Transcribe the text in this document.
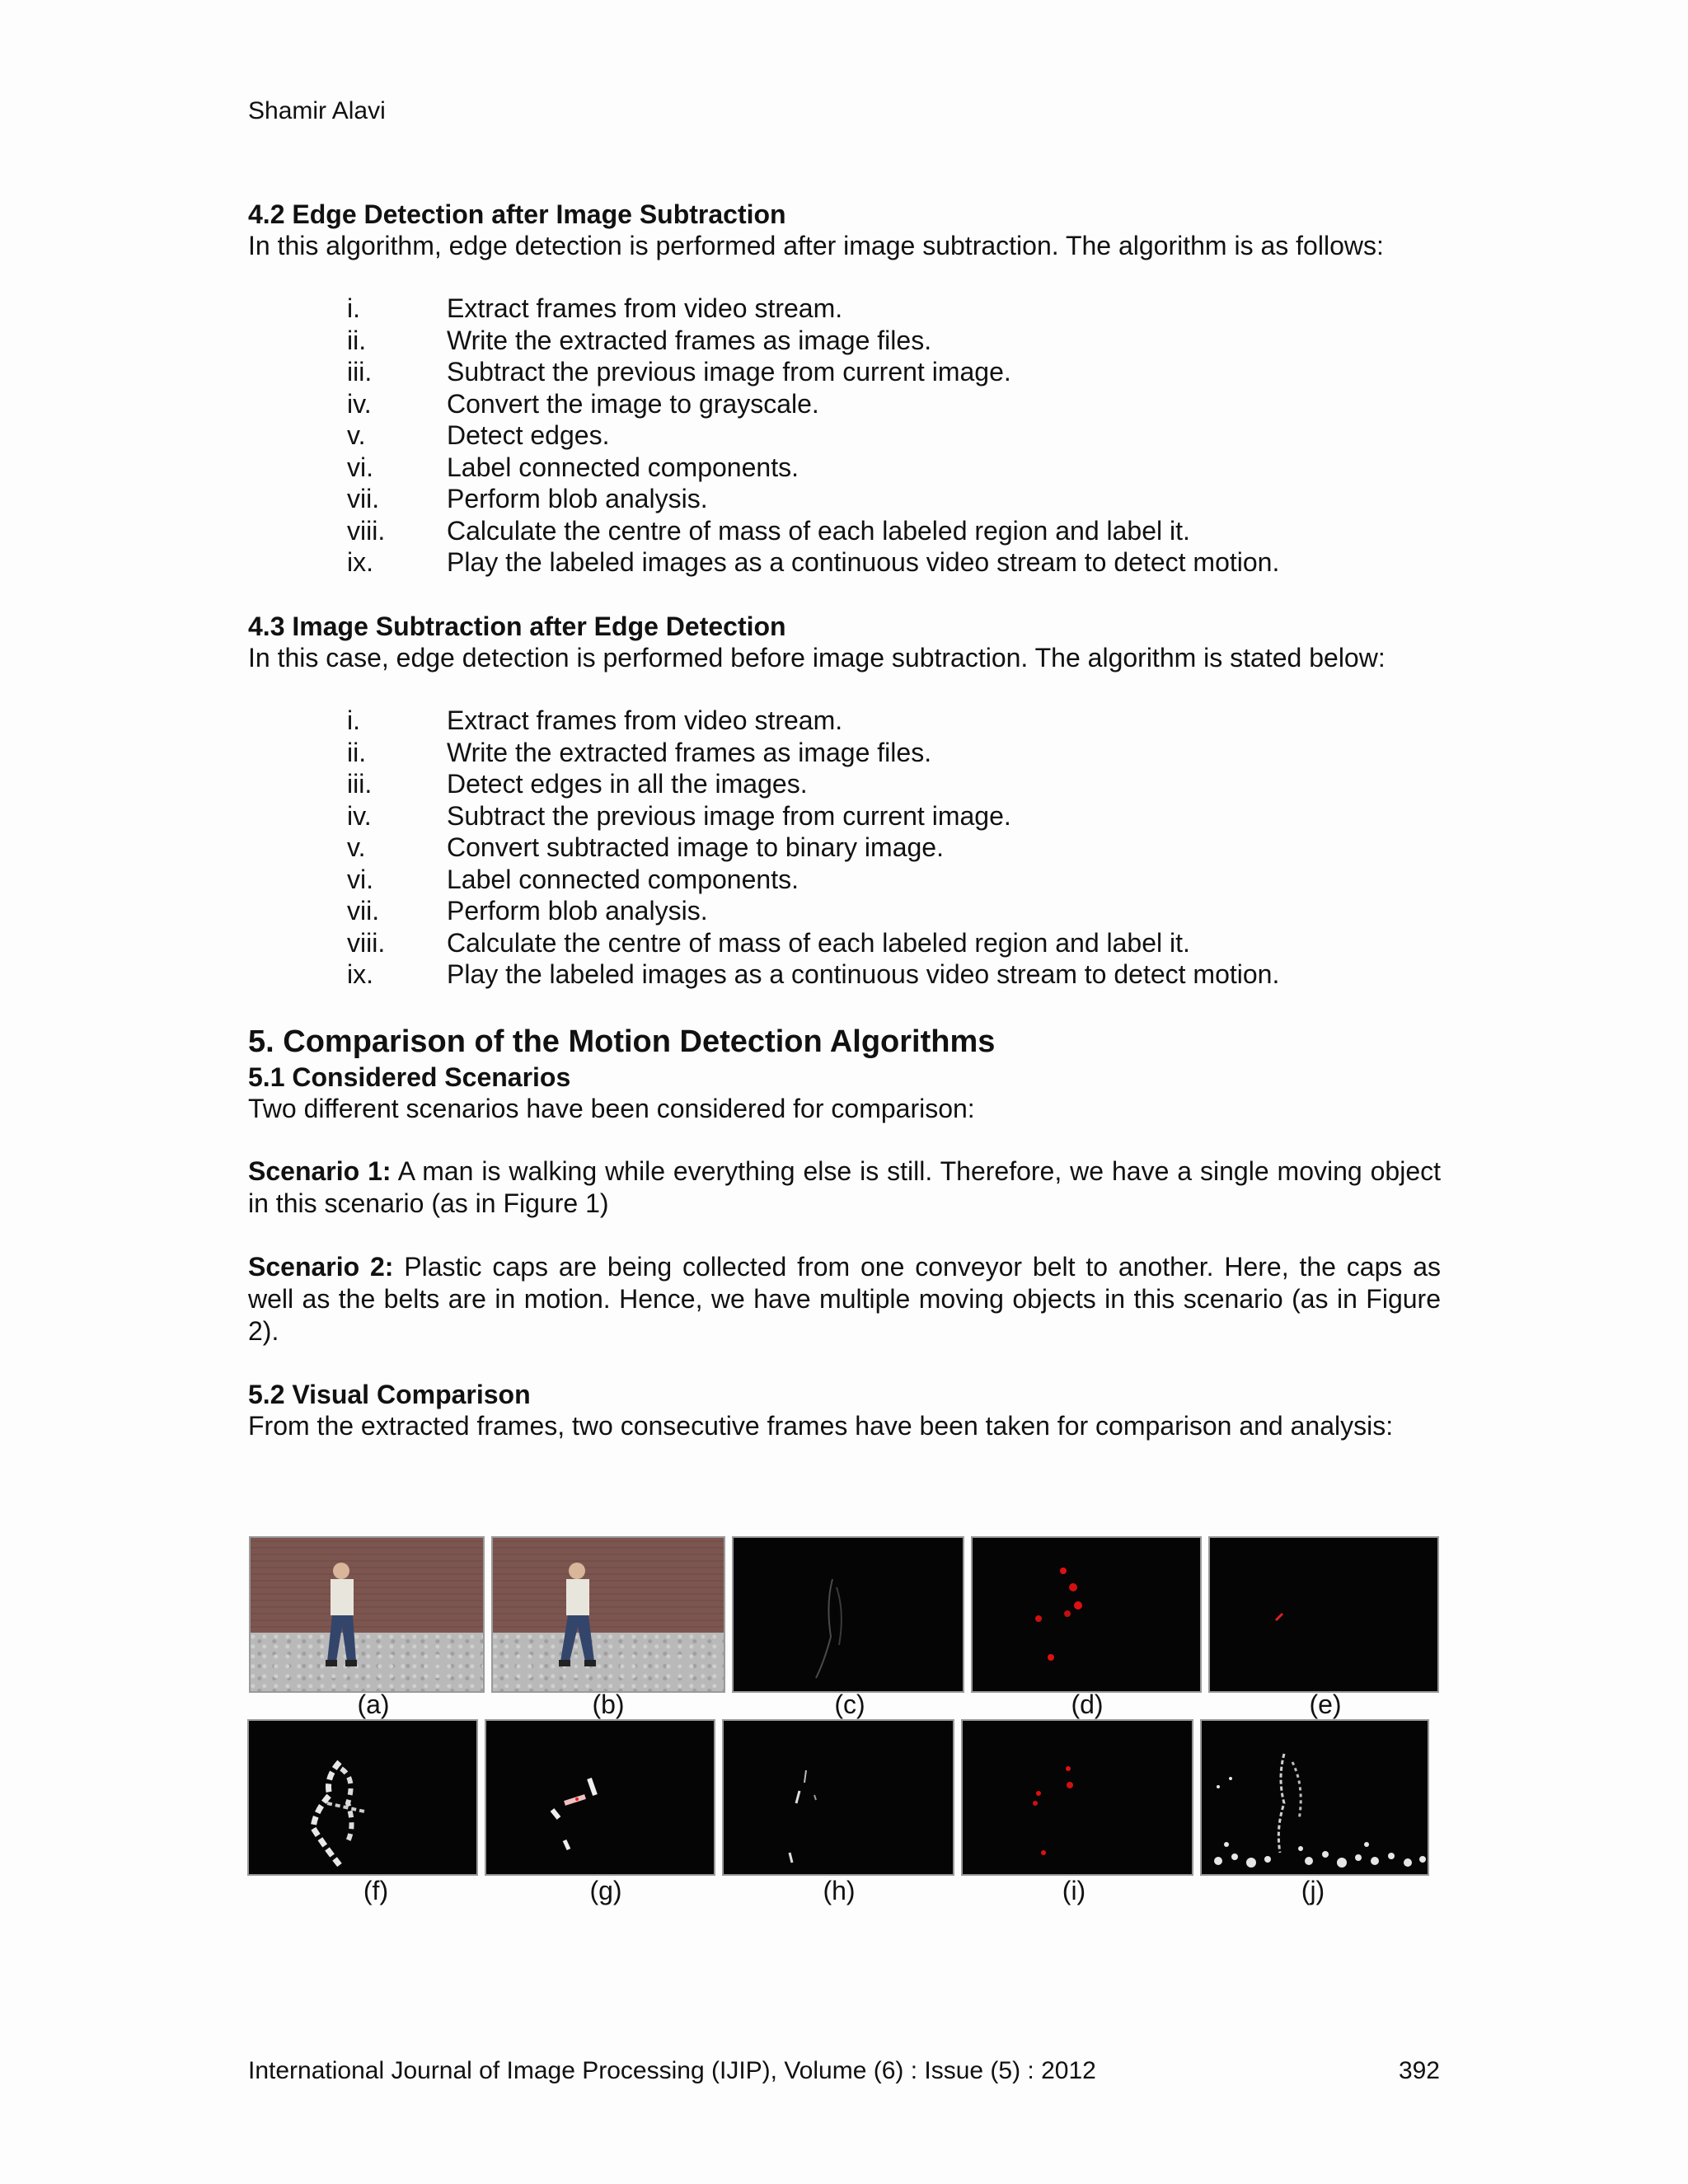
Shamir Alavi
4.2 Edge Detection after Image Subtraction
In this algorithm, edge detection is performed after image subtraction. The algorithm is as follows:
i.	Extract frames from video stream.
ii.	Write the extracted frames as image files.
iii.	Subtract the previous image from current image.
iv.	Convert the image to grayscale.
v.	Detect edges.
vi.	Label connected components.
vii.	Perform blob analysis.
viii.	Calculate the centre of mass of each labeled region and label it.
ix.	Play the labeled images as a continuous video stream to detect motion.
4.3 Image Subtraction after Edge Detection
In this case, edge detection is performed before image subtraction. The algorithm is stated below:
i.	Extract frames from video stream.
ii.	Write the extracted frames as image files.
iii.	Detect edges in all the images.
iv.	Subtract the previous image from current image.
v.	Convert subtracted image to binary image.
vi.	Label connected components.
vii.	Perform blob analysis.
viii.	Calculate the centre of mass of each labeled region and label it.
ix.	Play the labeled images as a continuous video stream to detect motion.
5. Comparison of the Motion Detection Algorithms
5.1 Considered Scenarios
Two different scenarios have been considered for comparison:
Scenario 1: A man is walking while everything else is still. Therefore, we have a single moving object in this scenario (as in Figure 1)
Scenario 2: Plastic caps are being collected from one conveyor belt to another. Here, the caps as well as the belts are in motion. Hence, we have multiple moving objects in this scenario (as in Figure 2).
5.2 Visual Comparison
From the extracted frames, two consecutive frames have been taken for comparison and analysis:
(a)	(b)	(c)	(d)	(e)
(f)	(g)	(h)	(i)	(j)
International Journal of Image Processing (IJIP), Volume (6) : Issue (5) : 2012	392
